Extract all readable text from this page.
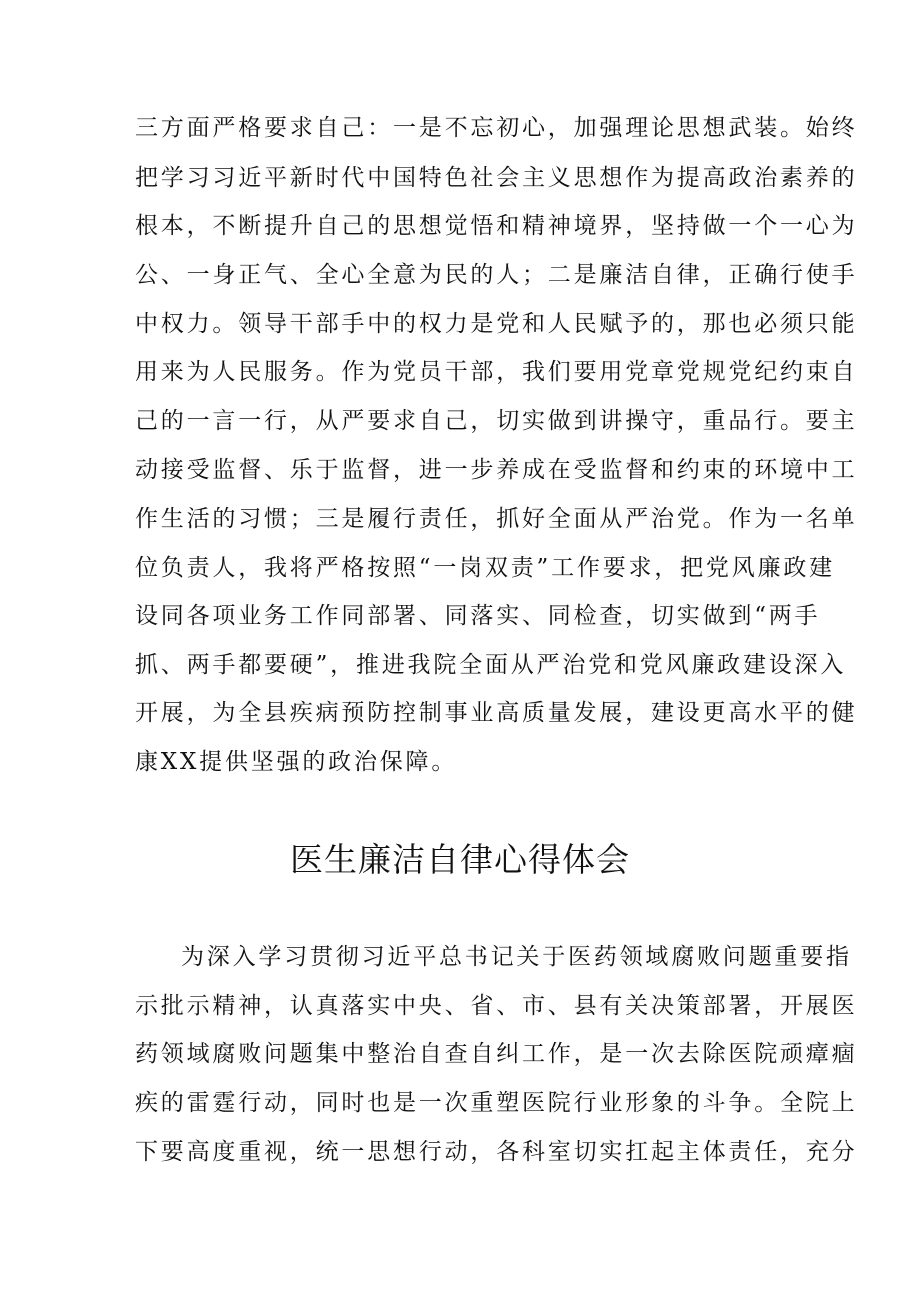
三方面严格要求自己：一是不忘初心，加强理论思想武装。始终
把学习习近平新时代中国特色社会主义思想作为提高政治素养的
根本，不断提升自己的思想觉悟和精神境界，坚持做一个一心为
公、一身正气、全心全意为民的人；二是廉洁自律，正确行使手
中权力。领导干部手中的权力是党和人民赋予的，那也必须只能
用来为人民服务。作为党员干部，我们要用党章党规党纪约束自
己的一言一行，从严要求自己，切实做到讲操守，重品行。要主
动接受监督、乐于监督，进一步养成在受监督和约束的环境中工
作生活的习惯；三是履行责任，抓好全面从严治党。作为一名单
位负责人，我将严格按照“一岗双责”工作要求，把党风廉政建
设同各项业务工作同部署、同落实、同检查，切实做到“两手
抓、两手都要硬”，推进我院全面从严治党和党风廉政建设深入
开展，为全县疾病预防控制事业高质量发展，建设更高水平的健
康XX提供坚强的政治保障。
医生廉洁自律心得体会
为深入学习贯彻习近平总书记关于医药领域腐败问题重要指
示批示精神，认真落实中央、省、市、县有关决策部署，开展医
药领域腐败问题集中整治自查自纠工作，是一次去除医院顽瘴痼
疾的雷霆行动，同时也是一次重塑医院行业形象的斗争。全院上
下要高度重视，统一思想行动，各科室切实扛起主体责任，充分
